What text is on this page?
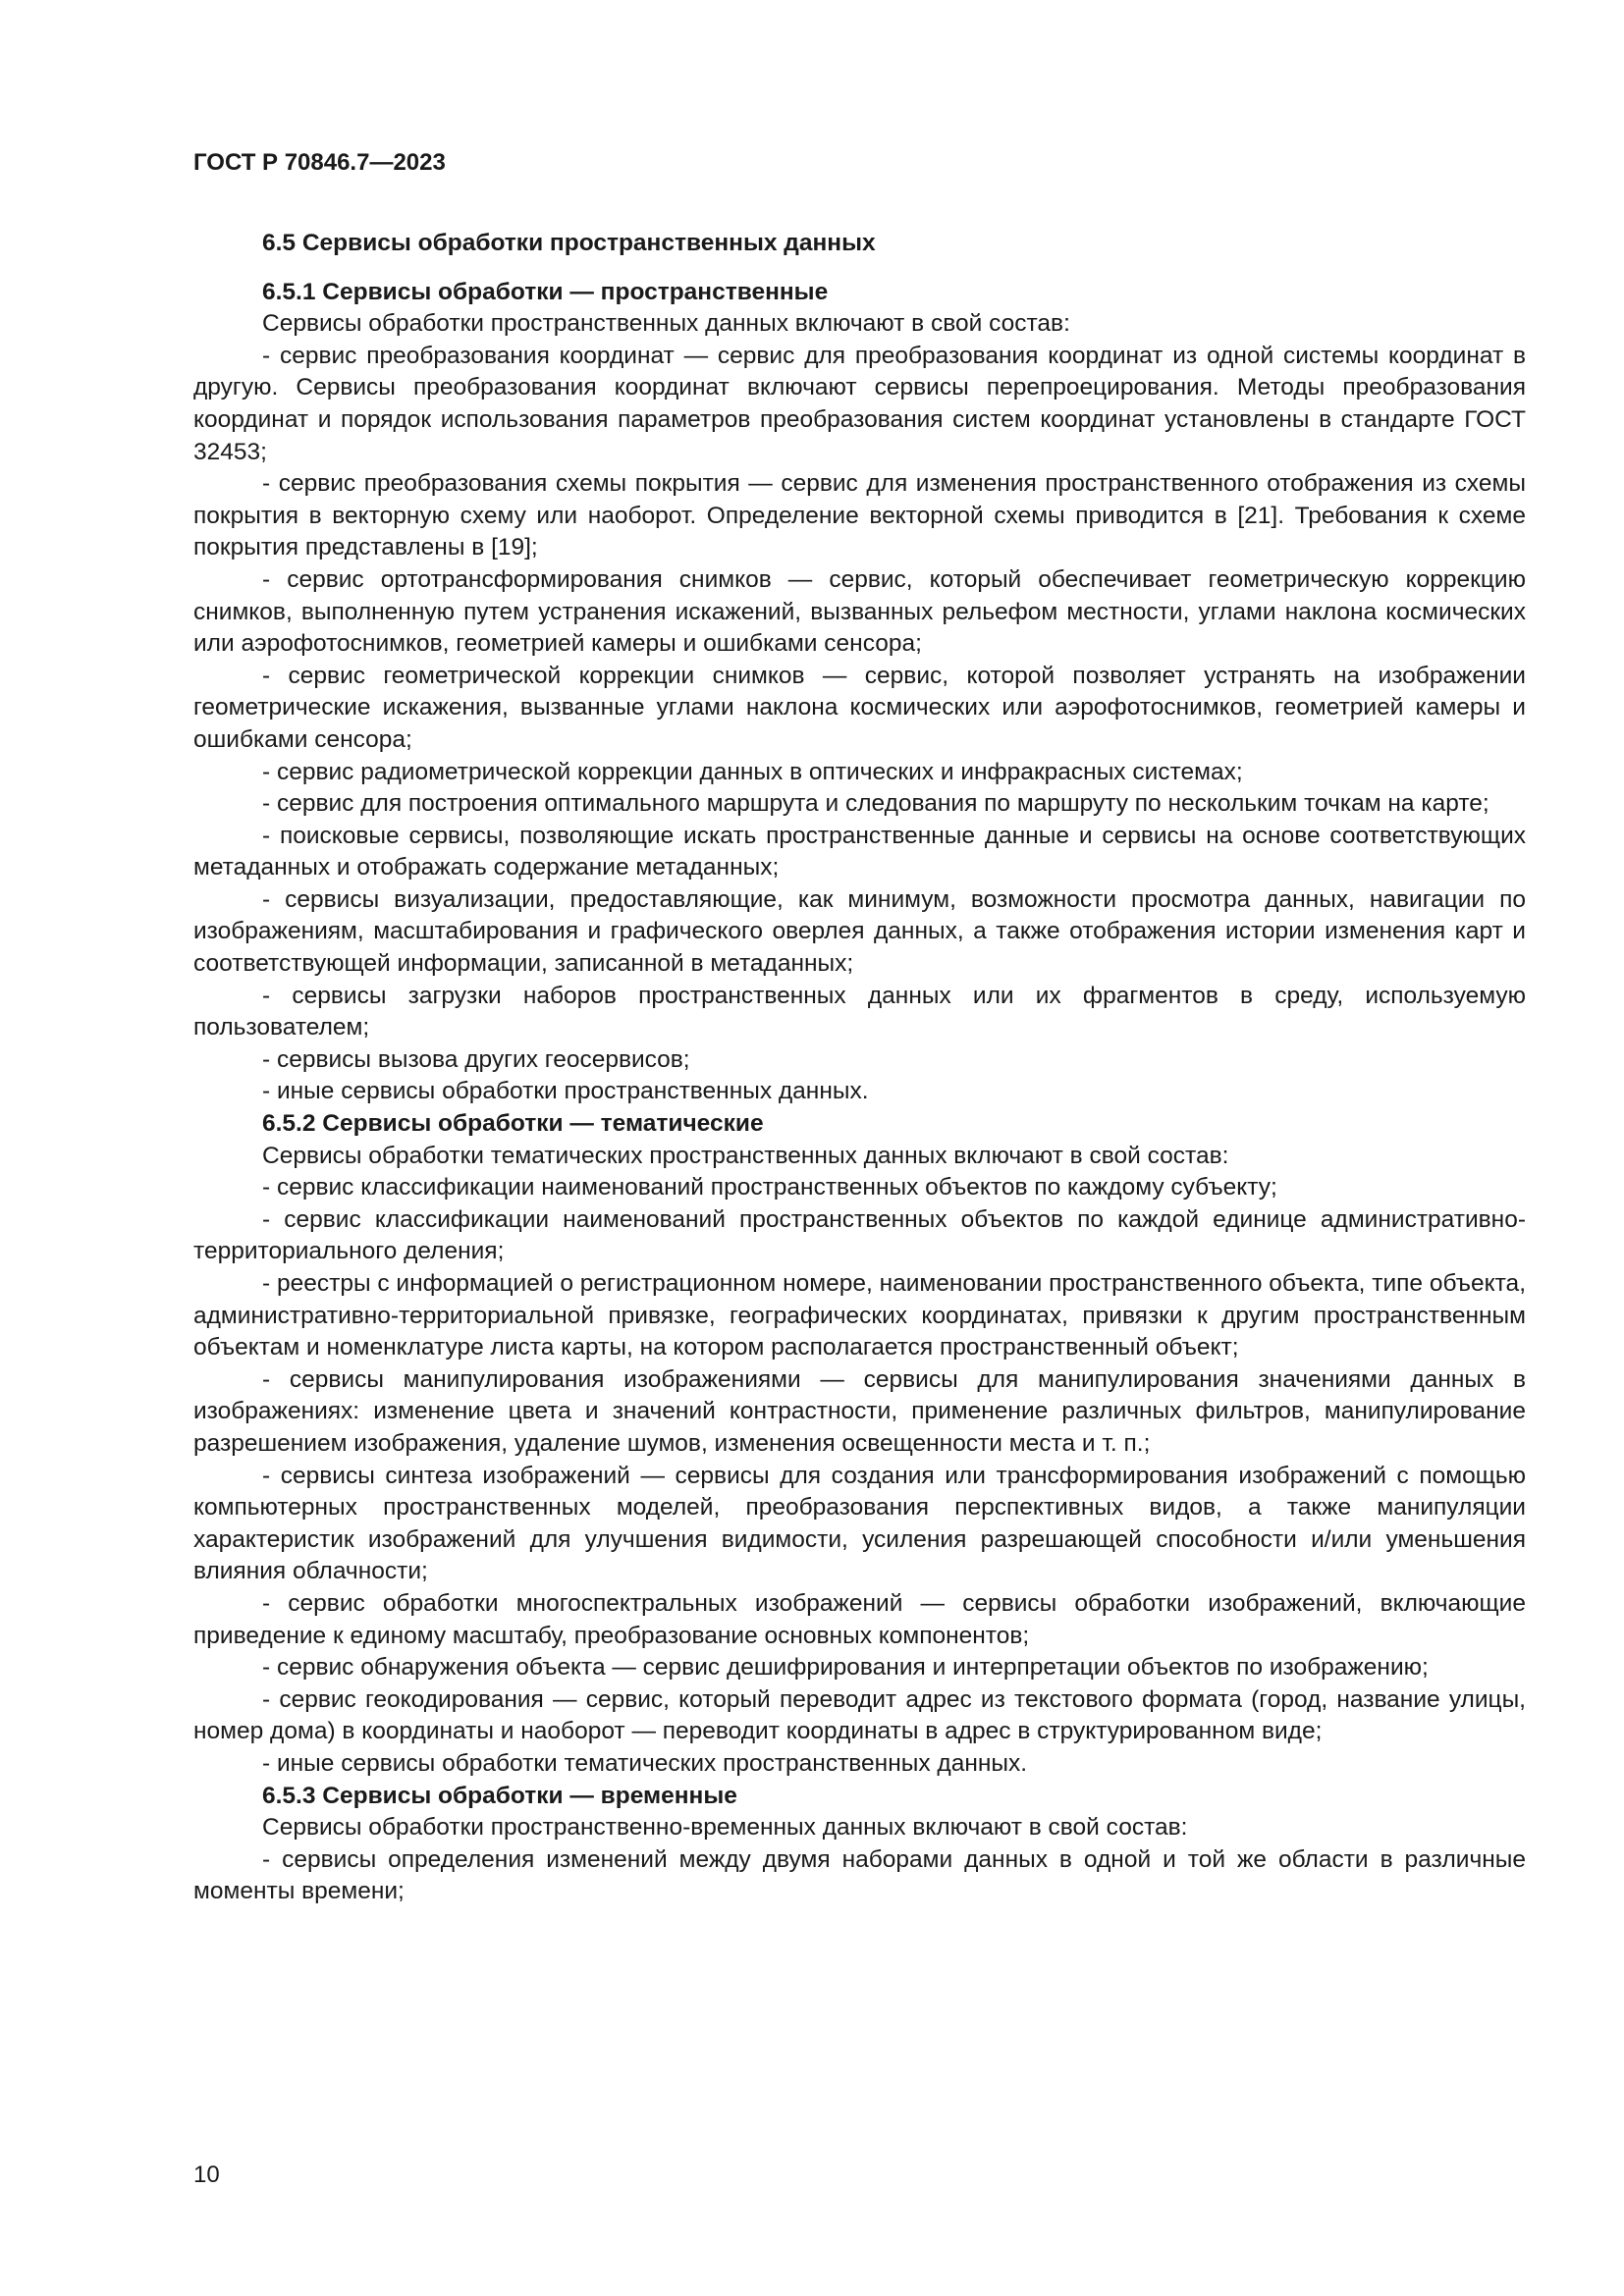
ГОСТ Р 70846.7—2023

6.5 Сервисы обработки пространственных данных

6.5.1 Сервисы обработки — пространственные

Сервисы обработки пространственных данных включают в свой состав:

- сервис преобразования координат — сервис для преобразования координат из одной системы координат в другую. Сервисы преобразования координат включают сервисы перепроецирования. Методы преобразования координат и порядок использования параметров преобразования систем координат установлены в стандарте ГОСТ 32453;

- сервис преобразования схемы покрытия — сервис для изменения пространственного отображения из схемы покрытия в векторную схему или наоборот. Определение векторной схемы приводится в [21]. Требования к схеме покрытия представлены в [19];

- сервис ортотрансформирования снимков — сервис, который обеспечивает геометрическую коррекцию снимков, выполненную путем устранения искажений, вызванных рельефом местности, углами наклона космических или аэрофотоснимков, геометрией камеры и ошибками сенсора;

- сервис геометрической коррекции снимков — сервис, которой позволяет устранять на изображении геометрические искажения, вызванные углами наклона космических или аэрофотоснимков, геометрией камеры и ошибками сенсора;

- сервис радиометрической коррекции данных в оптических и инфракрасных системах;

- сервис для построения оптимального маршрута и следования по маршруту по нескольким точкам на карте;

- поисковые сервисы, позволяющие искать пространственные данные и сервисы на основе соответствующих метаданных и отображать содержание метаданных;

- сервисы визуализации, предоставляющие, как минимум, возможности просмотра данных, навигации по изображениям, масштабирования и графического оверлея данных, а также отображения истории изменения карт и соответствующей информации, записанной в метаданных;

- сервисы загрузки наборов пространственных данных или их фрагментов в среду, используемую пользователем;

- сервисы вызова других геосервисов;

- иные сервисы обработки пространственных данных.

6.5.2 Сервисы обработки — тематические

Сервисы обработки тематических пространственных данных включают в свой состав:

- сервис классификации наименований пространственных объектов по каждому субъекту;

- сервис классификации наименований пространственных объектов по каждой единице административно-территориального деления;

- реестры с информацией о регистрационном номере, наименовании пространственного объекта, типе объекта, административно-территориальной привязке, географических координатах, привязки к другим пространственным объектам и номенклатуре листа карты, на котором располагается пространственный объект;

- сервисы манипулирования изображениями — сервисы для манипулирования значениями данных в изображениях: изменение цвета и значений контрастности, применение различных фильтров, манипулирование разрешением изображения, удаление шумов, изменения освещенности места и т. п.;

- сервисы синтеза изображений — сервисы для создания или трансформирования изображений с помощью компьютерных пространственных моделей, преобразования перспективных видов, а также манипуляции характеристик изображений для улучшения видимости, усиления разрешающей способности и/или уменьшения влияния облачности;

- сервис обработки многоспектральных изображений — сервисы обработки изображений, включающие приведение к единому масштабу, преобразование основных компонентов;

- сервис обнаружения объекта — сервис дешифрирования и интерпретации объектов по изображению;

- сервис геокодирования — сервис, который переводит адрес из текстового формата (город, название улицы, номер дома) в координаты и наоборот — переводит координаты в адрес в структурированном виде;

- иные сервисы обработки тематических пространственных данных.

6.5.3 Сервисы обработки — временные

Сервисы обработки пространственно-временных данных включают в свой состав:

- сервисы определения изменений между двумя наборами данных в одной и той же области в различные моменты времени;

10
